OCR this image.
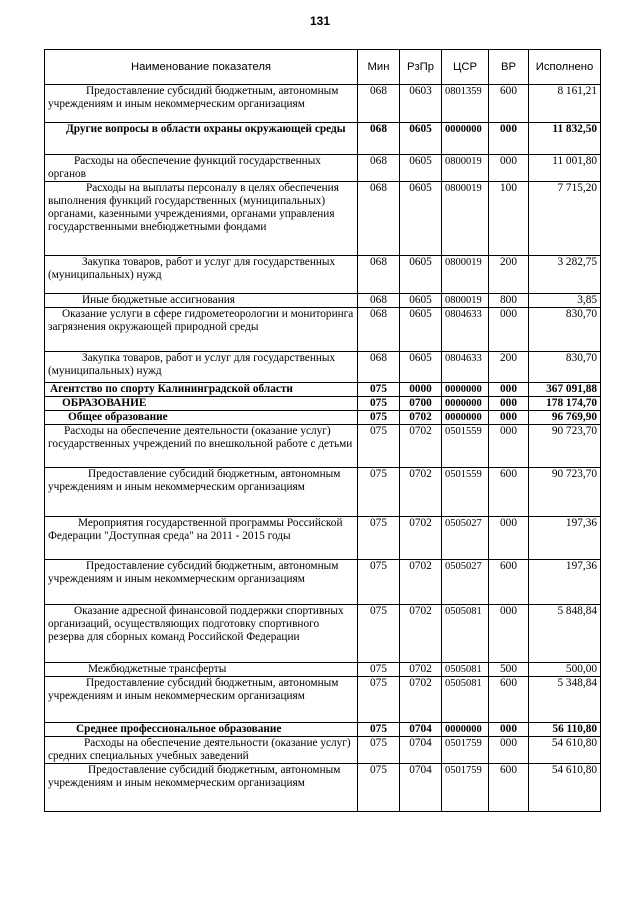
131
Наименование показателя	Мин	РзПр	ЦСР	ВР	Исполнено
Предоставление субсидий бюджетным, автономным учреждениям и иным некоммерческим организациям	068	0603	0801359	600	8 161,21
Другие вопросы в области охраны окружающей среды	068	0605	0000000	000	11 832,50
Расходы на обеспечение функций государственных органов	068	0605	0800019	000	11 001,80
Расходы на выплаты персоналу в целях обеспечения выполнения функций государственных (муниципальных) органами, казенными учреждениями, органами управления государственными внебюджетными фондами	068	0605	0800019	100	7 715,20
Закупка товаров, работ и услуг для государственных (муниципальных) нужд	068	0605	0800019	200	3 282,75
Иные бюджетные ассигнования	068	0605	0800019	800	3,85
Оказание услуги в сфере гидрометеорологии и мониторинга загрязнения окружающей природной среды	068	0605	0804633	000	830,70
Закупка товаров, работ и услуг для государственных (муниципальных) нужд	068	0605	0804633	200	830,70
Агентство по спорту Калининградской области	075	0000	0000000	000	367 091,88
ОБРАЗОВАНИЕ	075	0700	0000000	000	178 174,70
Общее образование	075	0702	0000000	000	96 769,90
Расходы на обеспечение деятельности (оказание услуг) государственных учреждений по внешкольной работе с детьми	075	0702	0501559	000	90 723,70
Предоставление субсидий бюджетным, автономным учреждениям и иным некоммерческим организациям	075	0702	0501559	600	90 723,70
Мероприятия государственной программы Российской Федерации "Доступная среда" на 2011 - 2015 годы	075	0702	0505027	000	197,36
Предоставление субсидий бюджетным, автономным учреждениям и иным некоммерческим организациям	075	0702	0505027	600	197,36
Оказание адресной финансовой поддержки спортивных организаций, осуществляющих подготовку спортивного резерва для сборных команд Российской Федерации	075	0702	0505081	000	5 848,84
Межбюджетные трансферты	075	0702	0505081	500	500,00
Предоставление субсидий бюджетным, автономным учреждениям и иным некоммерческим организациям	075	0702	0505081	600	5 348,84
Среднее профессиональное образование	075	0704	0000000	000	56 110,80
Расходы на обеспечение деятельности (оказание услуг) средних специальных учебных заведений	075	0704	0501759	000	54 610,80
Предоставление субсидий бюджетным, автономным учреждениям и иным некоммерческим организациям	075	0704	0501759	600	54 610,80
